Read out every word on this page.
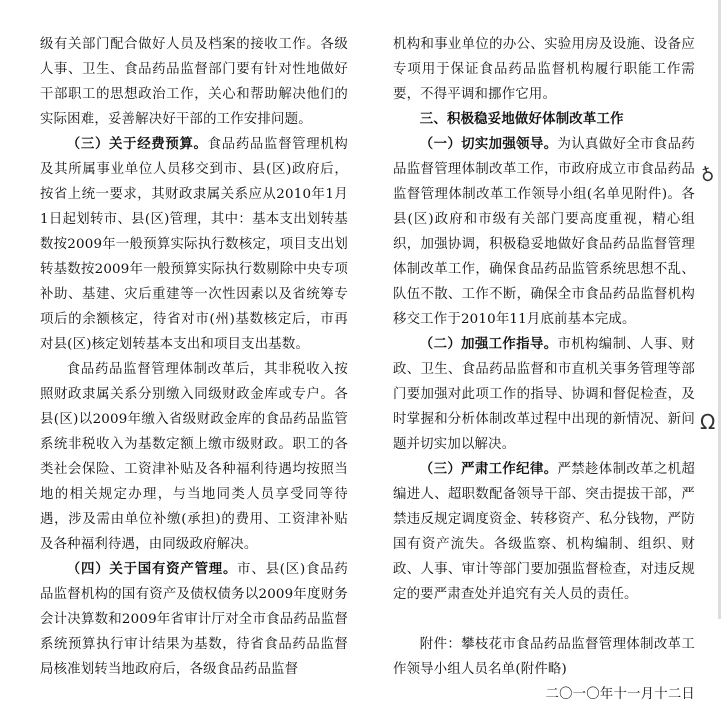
级有关部门配合做好人员及档案的接收工作。各级人事、卫生、食品药品监督部门要有针对性地做好干部职工的思想政治工作，关心和帮助解决他们的实际困难，妥善解决好干部的工作安排问题。

（三）关于经费预算。食品药品监督管理机构及其所属事业单位人员移交到市、县(区)政府后，按省上统一要求，其财政隶属关系应从2010年1月1日起划转市、县(区)管理，其中：基本支出划转基数按2009年一般预算实际执行数核定，项目支出划转基数按2009年一般预算实际执行数剔除中央专项补助、基建、灾后重建等一次性因素以及省统筹专项后的余额核定，待省对市(州)基数核定后，市再对县(区)核定划转基本支出和项目支出基数。

食品药品监督管理体制改革后，其非税收入按照财政隶属关系分别缴入同级财政金库或专户。各县(区)以2009年缴入省级财政金库的食品药品监管系统非税收入为基数定额上缴市级财政。职工的各类社会保险、工资津补贴及各种福利待遇均按照当地的相关规定办理，与当地同类人员享受同等待遇，涉及需由单位补缴(承担)的费用、工资津补贴及各种福利待遇，由同级政府解决。

（四）关于国有资产管理。市、县(区)食品药品监督机构的国有资产及债权债务以2009年度财务会计决算数和2009年省审计厅对全市食品药品监督系统预算执行审计结果为基数，待省食品药品监督局核准划转当地政府后，各级食品药品监督

机构和事业单位的办公、实验用房及设施、设备应专项用于保证食品药品监督机构履行职能工作需要，不得平调和挪作它用。

三、积极稳妥地做好体制改革工作

（一）切实加强领导。为认真做好全市食品药品监督管理体制改革工作，市政府成立市食品药品监督管理体制改革工作领导小组(名单见附件)。各县(区)政府和市级有关部门要高度重视，精心组织，加强协调，积极稳妥地做好食品药品监督管理体制改革工作，确保食品药品监管系统思想不乱、队伍不散、工作不断，确保全市食品药品监督机构移交工作于2010年11月底前基本完成。

（二）加强工作指导。市机构编制、人事、财政、卫生、食品药品监督和市直机关事务管理等部门要加强对此项工作的指导、协调和督促检查，及时掌握和分析体制改革过程中出现的新情况、新问题并切实加以解决。

（三）严肃工作纪律。严禁趁体制改革之机超编进人、超职数配备领导干部、突击提拔干部，严禁违反规定调度资金、转移资产、私分钱物，严防国有资产流失。各级监察、机构编制、组织、财政、人事、审计等部门要加强监督检查，对违反规定的要严肃查处并追究有关人员的责任。

附件：攀枝花市食品药品监督管理体制改革工作领导小组人员名单(附件略)

二〇一〇年十一月十二日

♁
Ω
